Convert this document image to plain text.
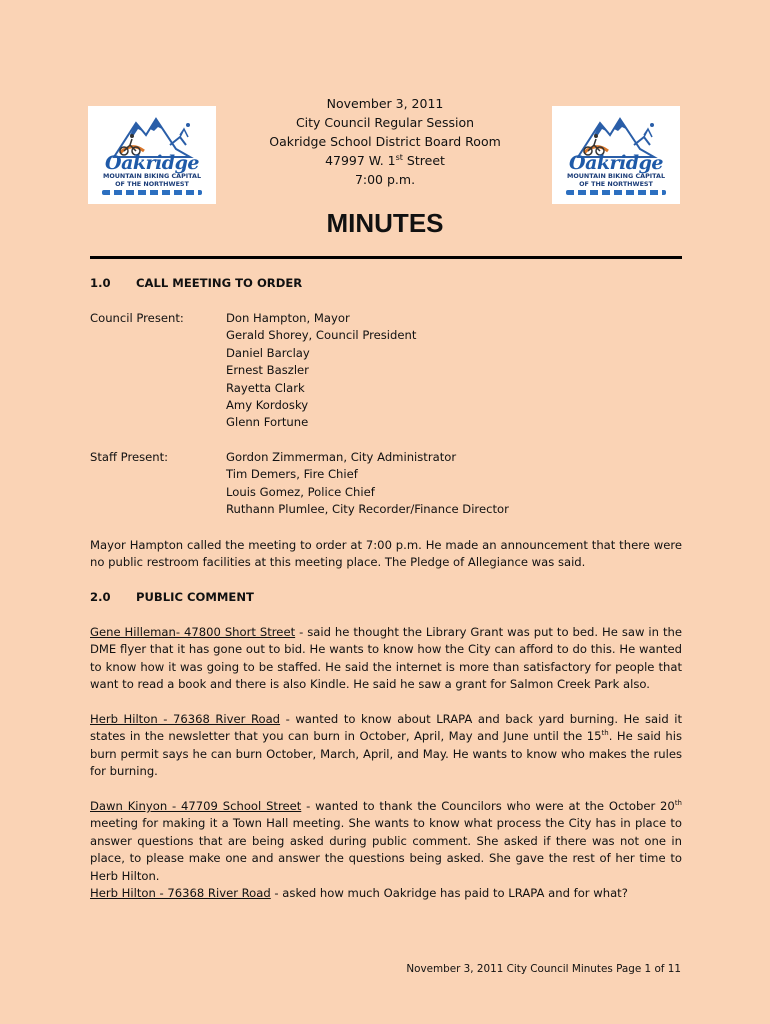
Oakridge
MOUNTAIN BIKING CAPITAL
OF THE NORTHWEST
Oakridge
MOUNTAIN BIKING CAPITAL
OF THE NORTHWEST
November 3, 2011
City Council Regular Session
Oakridge School District Board Room
47997 W. 1st Street
7:00 p.m.
MINUTES
1.0 CALL MEETING TO ORDER
Council Present:	Don Hampton, Mayor
Gerald Shorey, Council President
Daniel Barclay
Ernest Baszler
Rayetta Clark
Amy Kordosky
Glenn Fortune
Staff Present:	Gordon Zimmerman, City Administrator
Tim Demers, Fire Chief
Louis Gomez, Police Chief
Ruthann Plumlee, City Recorder/Finance Director
Mayor Hampton called the meeting to order at 7:00 p.m. He made an announcement that there were no public restroom facilities at this meeting place. The Pledge of Allegiance was said.
2.0 PUBLIC COMMENT
Gene Hilleman- 47800 Short Street - said he thought the Library Grant was put to bed. He saw in the DME flyer that it has gone out to bid. He wants to know how the City can afford to do this. He wanted to know how it was going to be staffed. He said the internet is more than satisfactory for people that want to read a book and there is also Kindle. He said he saw a grant for Salmon Creek Park also.
Herb Hilton - 76368 River Road - wanted to know about LRAPA and back yard burning. He said it states in the newsletter that you can burn in October, April, May and June until the 15th. He said his burn permit says he can burn October, March, April, and May. He wants to know who makes the rules for burning.
Dawn Kinyon - 47709 School Street - wanted to thank the Councilors who were at the October 20th meeting for making it a Town Hall meeting. She wants to know what process the City has in place to answer questions that are being asked during public comment. She asked if there was not one in place, to please make one and answer the questions being asked. She gave the rest of her time to Herb Hilton.
Herb Hilton - 76368 River Road - asked how much Oakridge has paid to LRAPA and for what?
November 3, 2011 City Council Minutes Page 1 of 11
